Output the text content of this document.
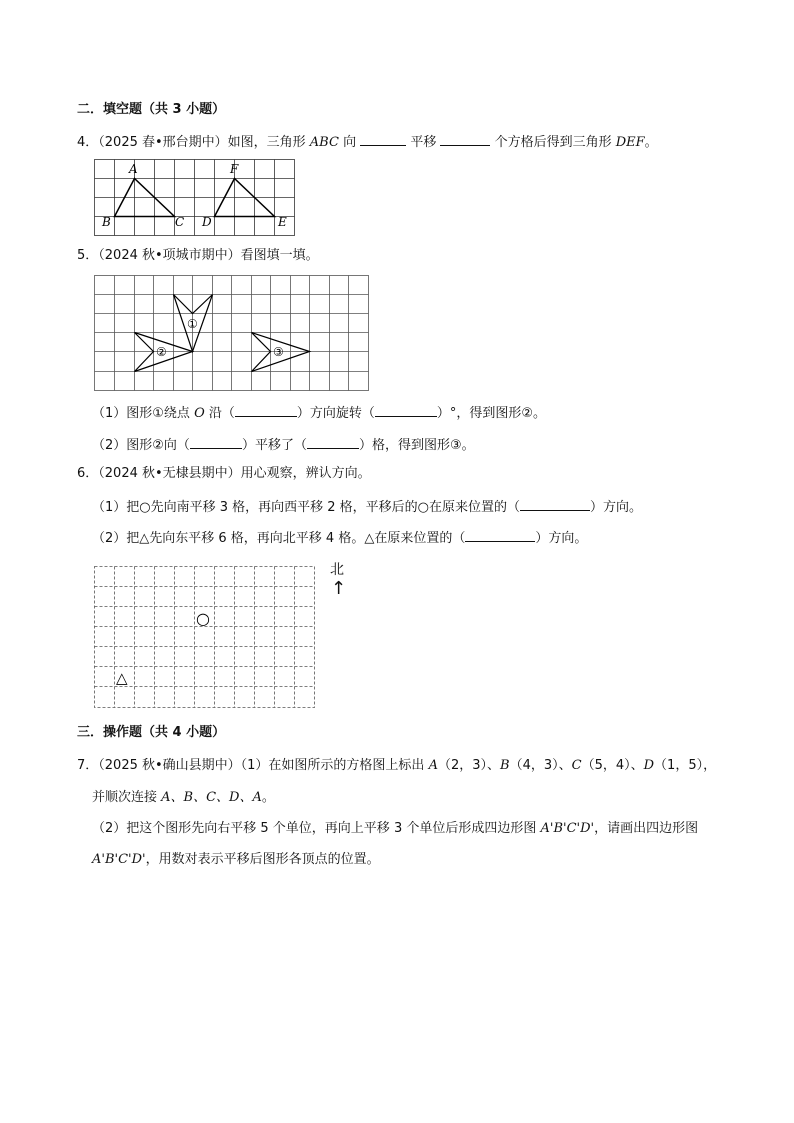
二．填空题（共 3 小题）
4．（2025 春•邢台期中）如图，三角形 ABC 向	平移	个方格后得到三角形 DEF。
A
B	C D	E
F
5．（2024 秋•项城市期中）看图填一填。
①
②	③
（1）图形①绕点 O 沿（	）方向旋转（	）°，得到图形②。
（2）图形②向（	）平移了（	）格，得到图形③。
6．（2024 秋•无棣县期中）用心观察，辨认方向。
（1）把○先向南平移 3 格，再向西平移 2 格，平移后的○在原来位置的（	）方向。
（2）把△先向东平移 6 格，再向北平移 4 格。△在原来位置的（	）方向。
○
△
北
↑
三．操作题（共 4 小题）
7．（2025 秋•确山县期中）（1）在如图所示的方格图上标出 A（2，3）、B（4，3）、C（5，4）、D（1，5），
并顺次连接 A、B、C、D、A。
（2）把这个图形先向右平移 5 个单位，再向上平移 3 个单位后形成四边形图 A'B'C'D'，请画出四边形图
A'B'C'D'，用数对表示平移后图形各顶点的位置。
